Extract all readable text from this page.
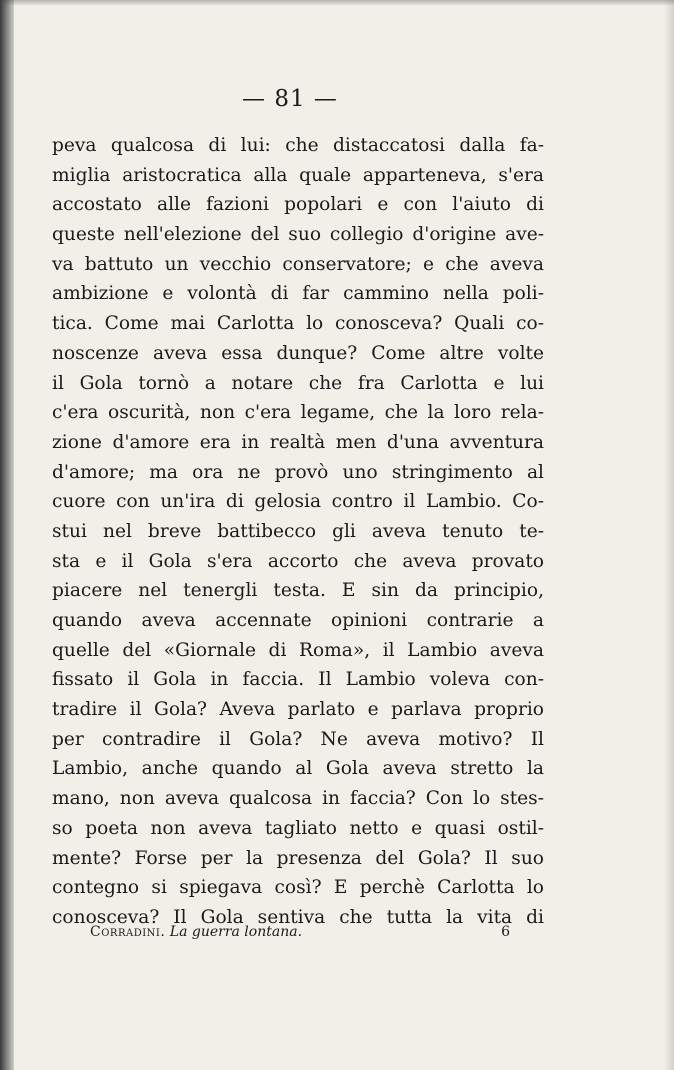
— 81 —
peva qualcosa di lui: che distaccatosi dalla fa-
miglia aristocratica alla quale apparteneva, s'era
accostato alle fazioni popolari e con l'aiuto di
queste nell'elezione del suo collegio d'origine ave-
va battuto un vecchio conservatore; e che aveva
ambizione e volontà di far cammino nella poli-
tica. Come mai Carlotta lo conosceva? Quali co-
noscenze aveva essa dunque? Come altre volte
il Gola tornò a notare che fra Carlotta e lui
c'era oscurità, non c'era legame, che la loro rela-
zione d'amore era in realtà men d'una avventura
d'amore; ma ora ne provò uno stringimento al
cuore con un'ira di gelosia contro il Lambio. Co-
stui nel breve battibecco gli aveva tenuto te-
sta e il Gola s'era accorto che aveva provato
piacere nel tenergli testa. E sin da principio,
quando aveva accennate opinioni contrarie a
quelle del «Giornale di Roma», il Lambio aveva
fissato il Gola in faccia. Il Lambio voleva con-
tradire il Gola? Aveva parlato e parlava proprio
per contradire il Gola? Ne aveva motivo? Il
Lambio, anche quando al Gola aveva stretto la
mano, non aveva qualcosa in faccia? Con lo stes-
so poeta non aveva tagliato netto e quasi ostil-
mente? Forse per la presenza del Gola? Il suo
contegno si spiegava così? E perchè Carlotta lo
conosceva? Il Gola sentiva che tutta la vita di
Corradini. La guerra lontana.	6
